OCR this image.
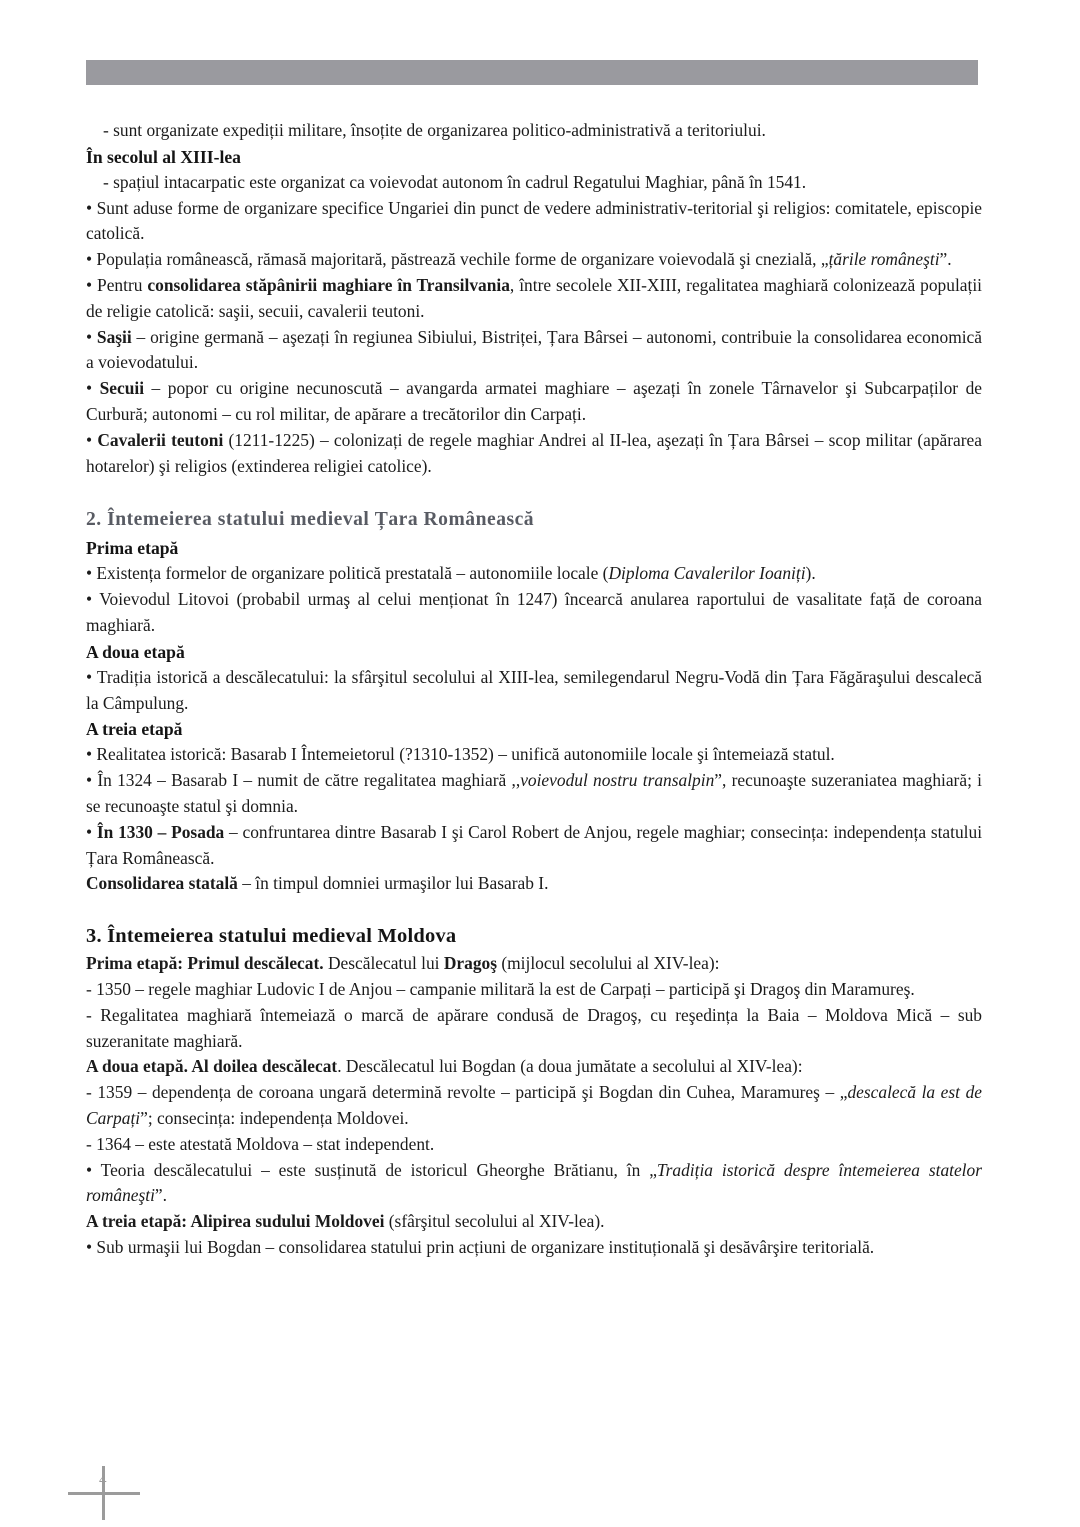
- sunt organizate expediții militare, însoțite de organizarea politico-administrativă a teritoriului.

În secolul al XIII-lea

- spațiul intacarpatic este organizat ca voievodat autonom în cadrul Regatului Maghiar, până în 1541.

• Sunt aduse forme de organizare specifice Ungariei din punct de vedere administrativ-teritorial şi religios: comitatele, episcopie catolică.

• Populația românească, rămasă majoritară, păstrează vechile forme de organizare voievodală şi cnezială, „țările româneşti”.

• Pentru consolidarea stăpânirii maghiare în Transilvania, între secolele XII-XIII, regalitatea maghiară colonizează populații de religie catolică: saşii, secuii, cavalerii teutoni.

• Saşii – origine germană – aşezați în regiunea Sibiului, Bistriței, Țara Bârsei – autonomi, contribuie la consolidarea economică a voievodatului.

• Secuii – popor cu origine necunoscută – avangarda armatei maghiare – aşezați în zonele Târnavelor şi Subcarpaților de Curbură; autonomi – cu rol militar, de apărare a trecătorilor din Carpați.

• Cavalerii teutoni (1211-1225) – colonizați de regele maghiar Andrei al II-lea, aşezați în Țara Bârsei – scop militar (apărarea hotarelor) şi religios (extinderea religiei catolice).

2. Întemeierea statului medieval Țara Românească

Prima etapă

• Existența formelor de organizare politică prestatală – autonomiile locale (Diploma Cavalerilor Ioaniți).

• Voievodul Litovoi (probabil urmaş al celui menționat în 1247) încearcă anularea raportului de vasalitate față de coroana maghiară.

A doua etapă

• Tradiția istorică a descălecatului: la sfârşitul secolului al XIII-lea, semilegendarul Negru-Vodă din Țara Făgăraşului descalecă la Câmpulung.

A treia etapă

• Realitatea istorică: Basarab I Întemeietorul (?1310-1352) – unifică autonomiile locale şi întemeiază statul.

• În 1324 – Basarab I – numit de către regalitatea maghiară ,,voievodul nostru transalpin”, recunoaşte suzeraniatea maghiară; i se recunoaşte statul şi domnia.

• În 1330 – Posada – confruntarea dintre Basarab I şi Carol Robert de Anjou, regele maghiar; consecința: independența statului Țara Românească.

Consolidarea statală – în timpul domniei urmaşilor lui Basarab I.

3. Întemeierea statului medieval Moldova

Prima etapă: Primul descălecat. Descălecatul lui Dragoş (mijlocul secolului al XIV-lea):

- 1350 – regele maghiar Ludovic I de Anjou – campanie militară la est de Carpați – participă şi Dragoş din Maramureş.

- Regalitatea maghiară întemeiază o marcă de apărare condusă de Dragoş, cu reşedința la Baia – Moldova Mică – sub suzeranitate maghiară.

A doua etapă. Al doilea descălecat. Descălecatul lui Bogdan (a doua jumătate a secolului al XIV-lea):

- 1359 – dependența de coroana ungară determină revolte – participă şi Bogdan din Cuhea, Maramureş – „descalecă la est de Carpați”; consecința: independența Moldovei.

- 1364 – este atestată Moldova – stat independent.

• Teoria descălecatului – este susținută de istoricul Gheorghe Brătianu, în „Tradiția istorică despre întemeierea statelor româneşti”.

A treia etapă: Alipirea sudului Moldovei (sfârşitul secolului al XIV-lea).

• Sub urmaşii lui Bogdan – consolidarea statului prin acțiuni de organizare instituțională şi desăvârşire teritorială.

4
